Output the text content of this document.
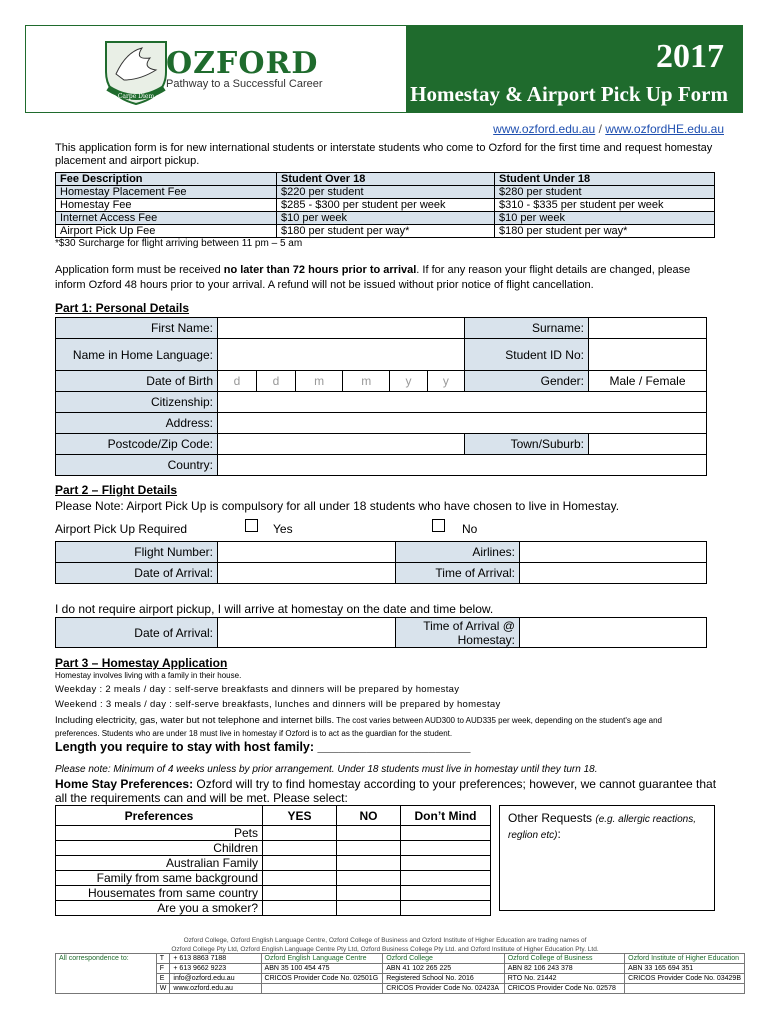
Carpe Diem
OZFORD
Pathway to a Successful Career
2017
Homestay & Airport Pick Up Form
www.ozford.edu.au / www.ozfordHE.edu.au
This application form is for new international students or interstate students who come to Ozford for the first time and request homestay placement and airport pickup.
Fee Description	Student Over 18	Student Under 18
Homestay Placement Fee	$220 per student	$280 per student
Homestay Fee	$285 - $300 per student per week	$310 - $335 per student per week
Internet Access Fee	$10 per week	$10 per week
Airport Pick Up Fee	$180 per student per way*	$180 per student per way*
*$30 Surcharge for flight arriving between 11 pm – 5 am
Application form must be received no later than 72 hours prior to arrival. If for any reason your flight details are changed, please inform Ozford 48 hours prior to your arrival. A refund will not be issued without prior notice of flight cancellation.
Part 1: Personal Details
First Name:							Surname:	
Name in Home Language:							Student ID No:	
Date of Birth	d	d	m	m	y	y	Gender:	Male / Female
Citizenship:								
Address:								
Postcode/Zip Code:							Town/Suburb:	
Country:								
Part 2 – Flight Details
Please Note: Airport Pick Up is compulsory for all under 18 students who have chosen to live in Homestay.
Airport Pick Up Required	Yes	No
Flight Number:		Airlines:	
Date of Arrival:		Time of Arrival:	
I do not require airport pickup, I will arrive at homestay on the date and time below.
Date of Arrival:		Time of Arrival @ Homestay:	
Part 3 – Homestay Application
Homestay involves living with a family in their house.
Weekday : 2 meals / day : self-serve breakfasts and dinners will be prepared by homestay
Weekend : 3 meals / day : self-serve breakfasts, lunches and dinners will be prepared by homestay
Including electricity, gas, water but not telephone and internet bills. The cost varies between AUD300 to AUD335 per week, depending on the student's age and preferences. Students who are under 18 must live in homestay if Ozford is to act as the guardian for the student.
Length you require to stay with host family: ______________________
Please note: Minimum of 4 weeks unless by prior arrangement. Under 18 students must live in homestay until they turn 18.
Home Stay Preferences: Ozford will try to find homestay according to your preferences; however, we cannot guarantee that all the requirements can and will be met. Please select:
Preferences	YES	NO	Don’t Mind
Pets			
Children			
Australian Family			
Family from same background			
Housemates from same country			
Are you a smoker?			
Other Requests (e.g. allergic reactions, reglion etc):
Ozford College, Ozford English Language Centre, Ozford College of Business and Ozford Institute of Higher Education are trading names of
Ozford College Pty Ltd, Ozford English Language Centre Pty Ltd, Ozford Business College Pty Ltd. and Ozford Institute of Higher Education Pty. Ltd.
All correspondence to:	T	+ 613 8863 7188	Ozford English Language Centre	Ozford College	Ozford College of Business	Ozford Institute of Higher Education
	F	+ 613 9662 9223	ABN 35 100 454 475	ABN 41 102 265 225	ABN 82 106 243 378	ABN 33 165 694 351
	E	info@ozford.edu.au	CRICOS Provider Code No. 02501G	Registered School No. 2016	RTO No. 21442	CRICOS Provider Code No. 03429B
	W	www.ozford.edu.au		CRICOS Provider Code No. 02423A	CRICOS Provider Code No. 02578	
